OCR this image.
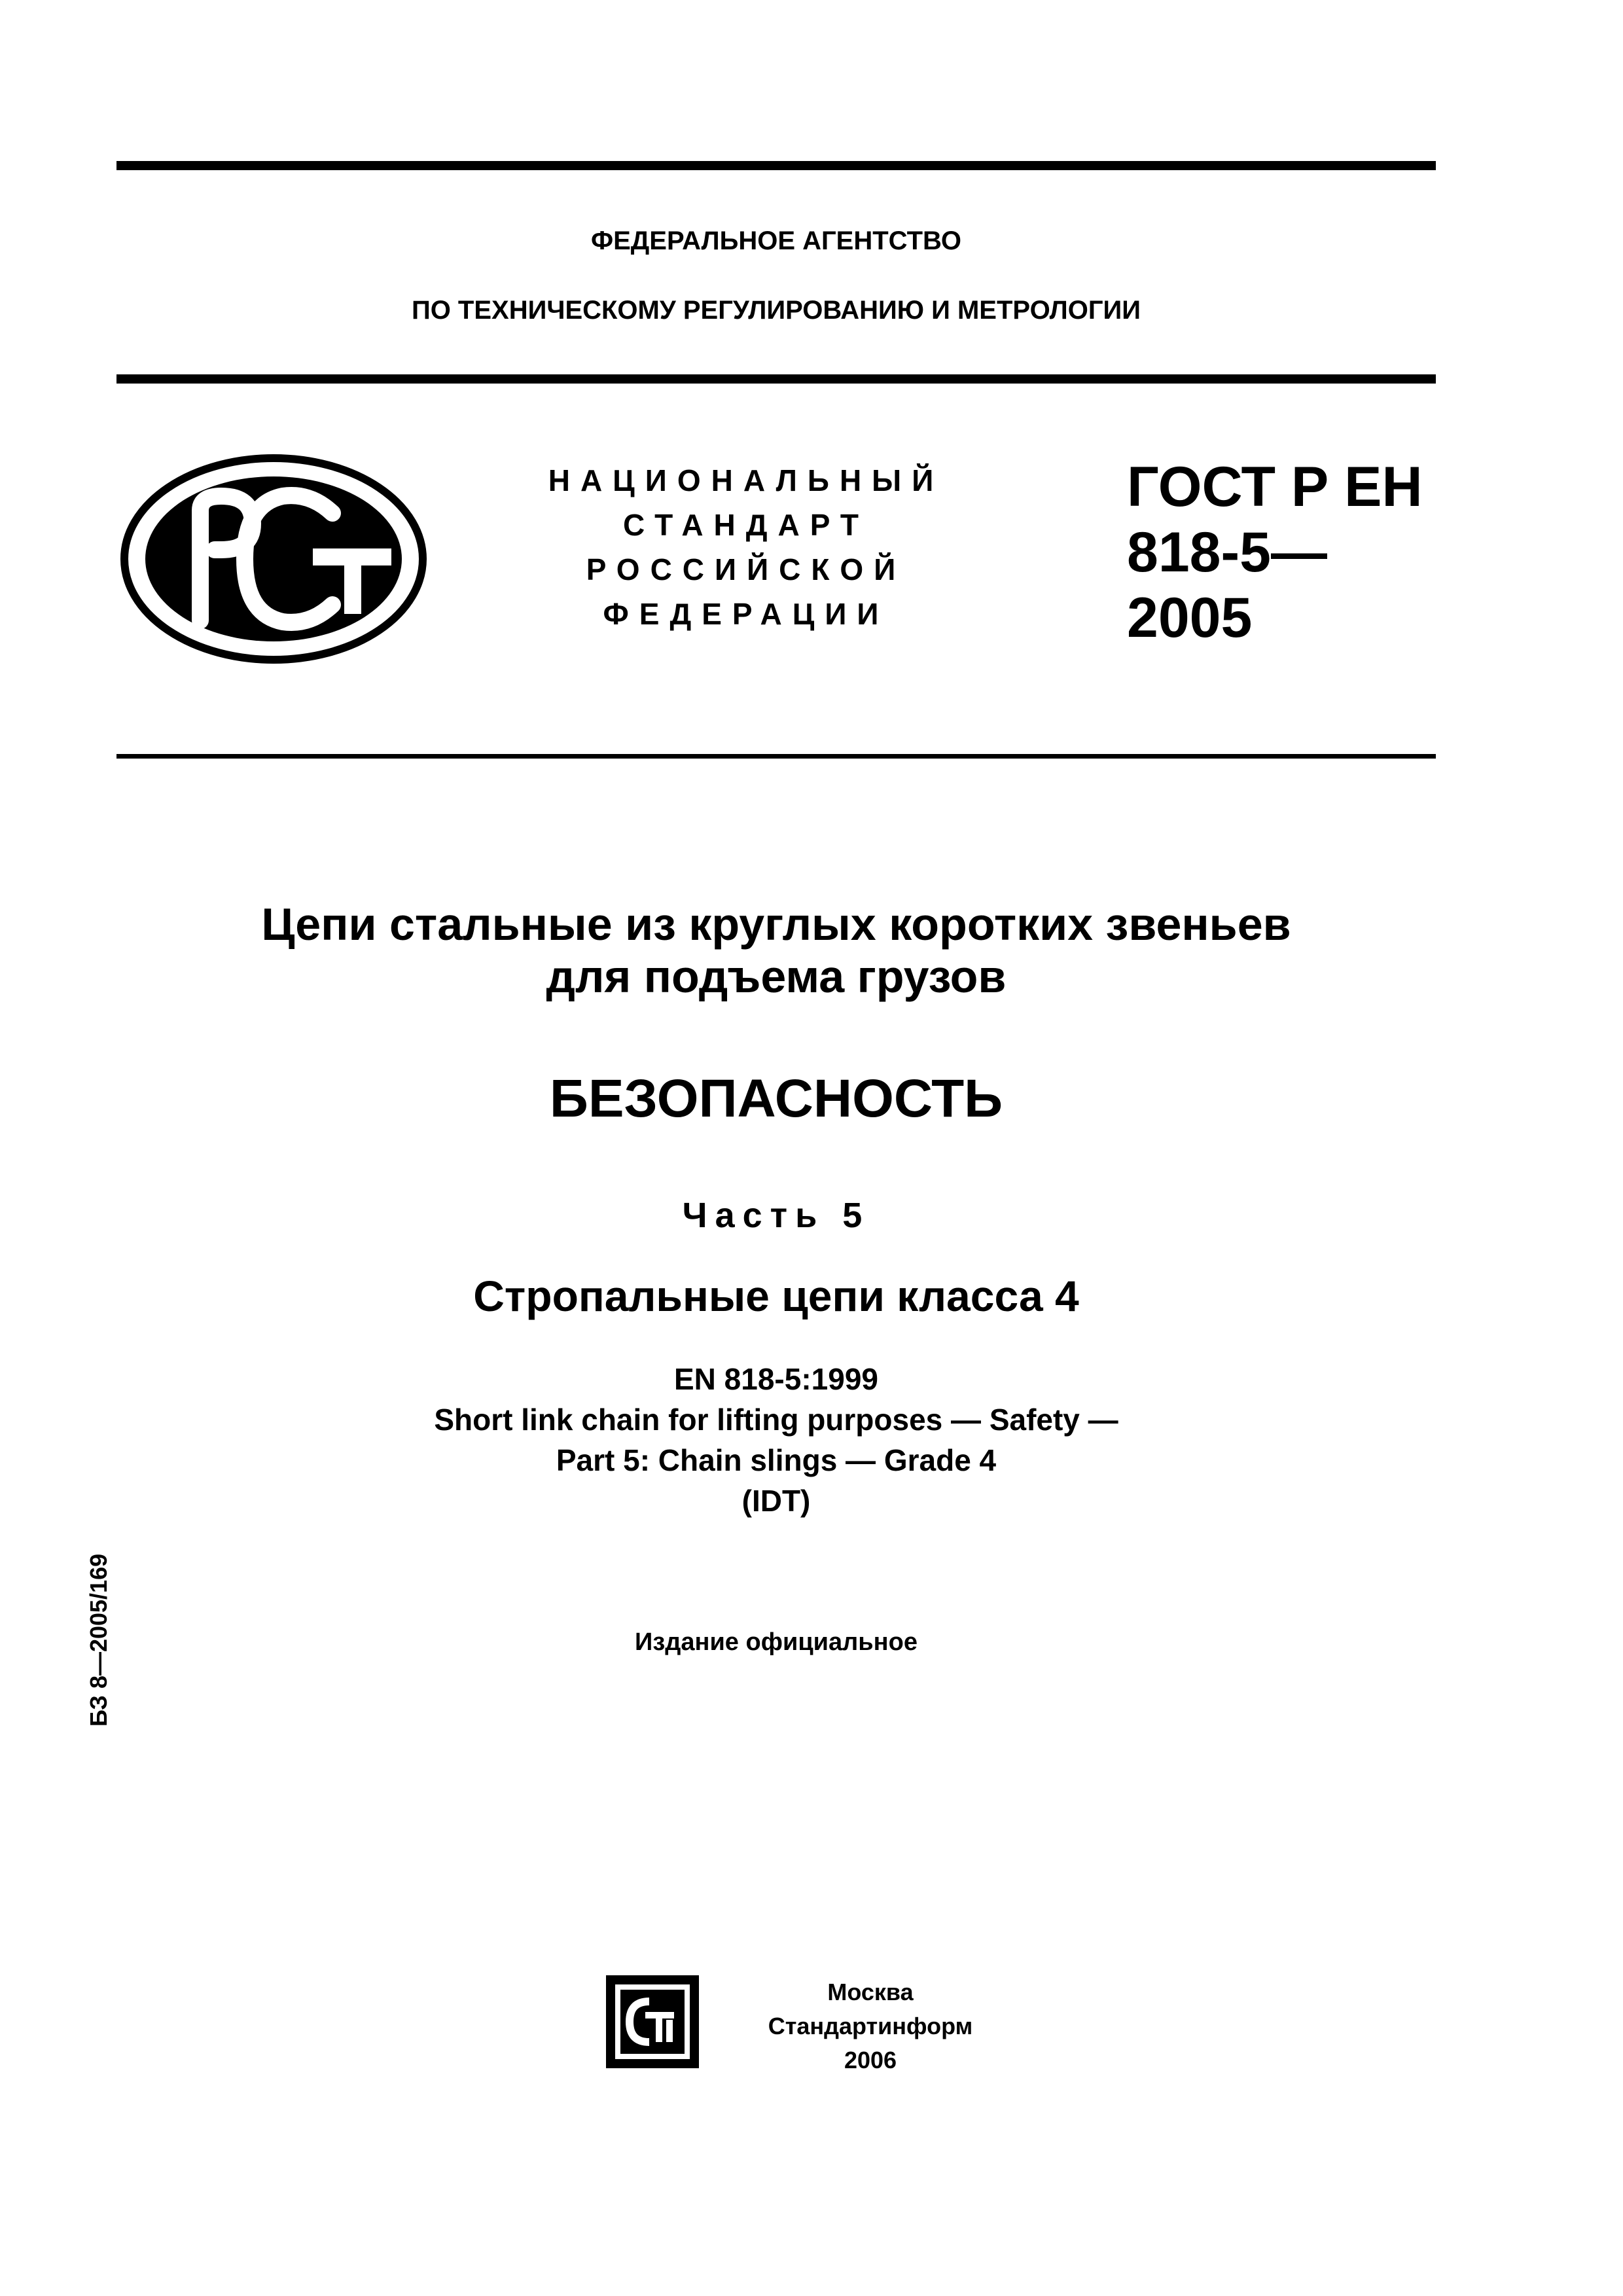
ФЕДЕРАЛЬНОЕ АГЕНТСТВО
ПО ТЕХНИЧЕСКОМУ РЕГУЛИРОВАНИЮ И МЕТРОЛОГИИ
РСТ
НАЦИОНАЛЬНЫЙ
СТАНДАРТ
РОССИЙСКОЙ
ФЕДЕРАЦИИ
ГОСТ Р ЕН
818-5—
2005
Цепи стальные из круглых коротких звеньев
для подъема грузов
БЕЗОПАСНОСТЬ
Часть 5
Стропальные цепи класса 4
EN 818-5:1999
Short link chain for lifting purposes — Safety —
Part 5: Chain slings — Grade 4
(IDT)
Издание официальное
БЗ 8—2005/169
СТИ
Москва
Стандартинформ
2006
